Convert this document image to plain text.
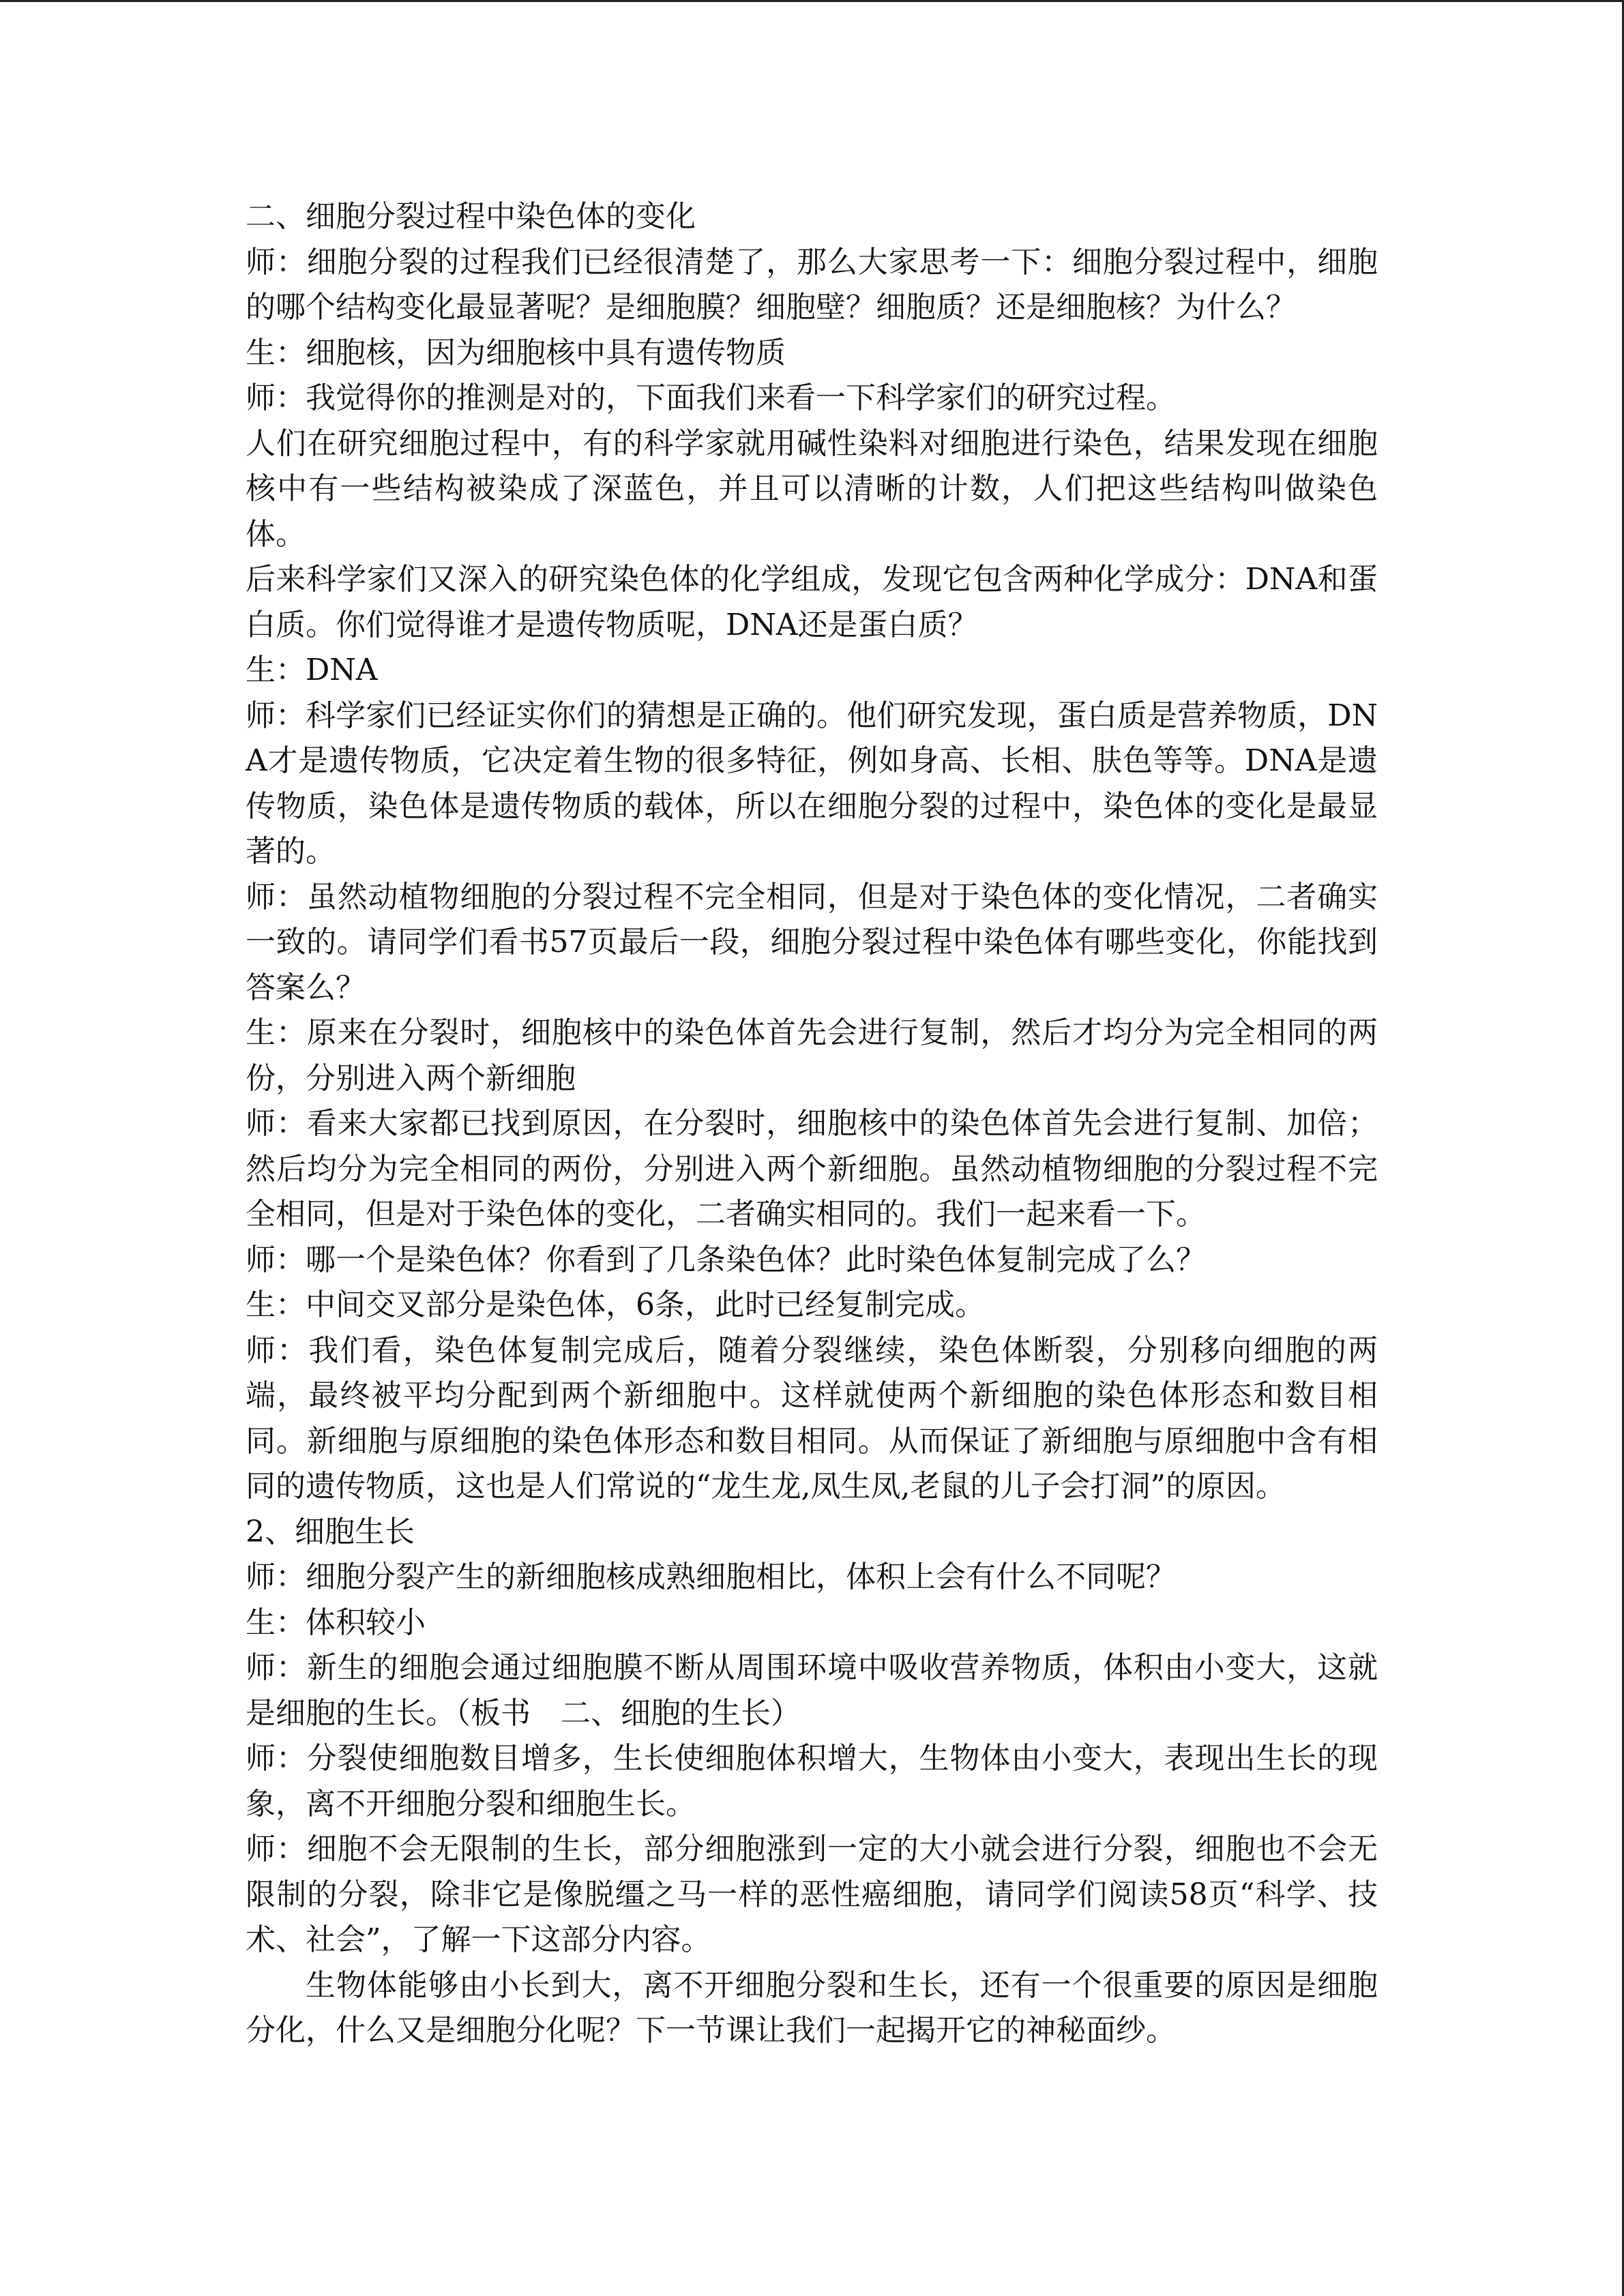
二、细胞分裂过程中染色体的变化

师：细胞分裂的过程我们已经很清楚了，那么大家思考一下：细胞分裂过程中，细胞的哪个结构变化最显著呢？是细胞膜？细胞壁？细胞质？还是细胞核？为什么？

生：细胞核，因为细胞核中具有遗传物质

师：我觉得你的推测是对的，下面我们来看一下科学家们的研究过程。

人们在研究细胞过程中，有的科学家就用碱性染料对细胞进行染色，结果发现在细胞核中有一些结构被染成了深蓝色，并且可以清晰的计数，人们把这些结构叫做染色体。

后来科学家们又深入的研究染色体的化学组成，发现它包含两种化学成分：DNA和蛋白质。你们觉得谁才是遗传物质呢，DNA还是蛋白质？

生：DNA

师：科学家们已经证实你们的猜想是正确的。他们研究发现，蛋白质是营养物质，DNA才是遗传物质，它决定着生物的很多特征，例如身高、长相、肤色等等。DNA是遗传物质，染色体是遗传物质的载体，所以在细胞分裂的过程中，染色体的变化是最显著的。

师：虽然动植物细胞的分裂过程不完全相同，但是对于染色体的变化情况，二者确实一致的。请同学们看书57页最后一段，细胞分裂过程中染色体有哪些变化，你能找到答案么？

生：原来在分裂时，细胞核中的染色体首先会进行复制，然后才均分为完全相同的两份，分别进入两个新细胞

师：看来大家都已找到原因，在分裂时，细胞核中的染色体首先会进行复制、加倍；然后均分为完全相同的两份，分别进入两个新细胞。虽然动植物细胞的分裂过程不完全相同，但是对于染色体的变化，二者确实相同的。我们一起来看一下。

师：哪一个是染色体？你看到了几条染色体？此时染色体复制完成了么？

生：中间交叉部分是染色体，6条，此时已经复制完成。

师：我们看，染色体复制完成后，随着分裂继续，染色体断裂，分别移向细胞的两端，最终被平均分配到两个新细胞中。这样就使两个新细胞的染色体形态和数目相同。新细胞与原细胞的染色体形态和数目相同。从而保证了新细胞与原细胞中含有相同的遗传物质，这也是人们常说的“龙生龙,凤生凤,老鼠的儿子会打洞”的原因。

2、细胞生长

师：细胞分裂产生的新细胞核成熟细胞相比，体积上会有什么不同呢？

生：体积较小

师：新生的细胞会通过细胞膜不断从周围环境中吸收营养物质，体积由小变大，这就是细胞的生长。（板书　二、细胞的生长）

师：分裂使细胞数目增多，生长使细胞体积增大，生物体由小变大，表现出生长的现象，离不开细胞分裂和细胞生长。

师：细胞不会无限制的生长，部分细胞涨到一定的大小就会进行分裂，细胞也不会无限制的分裂，除非它是像脱缰之马一样的恶性癌细胞，请同学们阅读58页“科学、技术、社会”，了解一下这部分内容。

生物体能够由小长到大，离不开细胞分裂和生长，还有一个很重要的原因是细胞分化，什么又是细胞分化呢？下一节课让我们一起揭开它的神秘面纱。
